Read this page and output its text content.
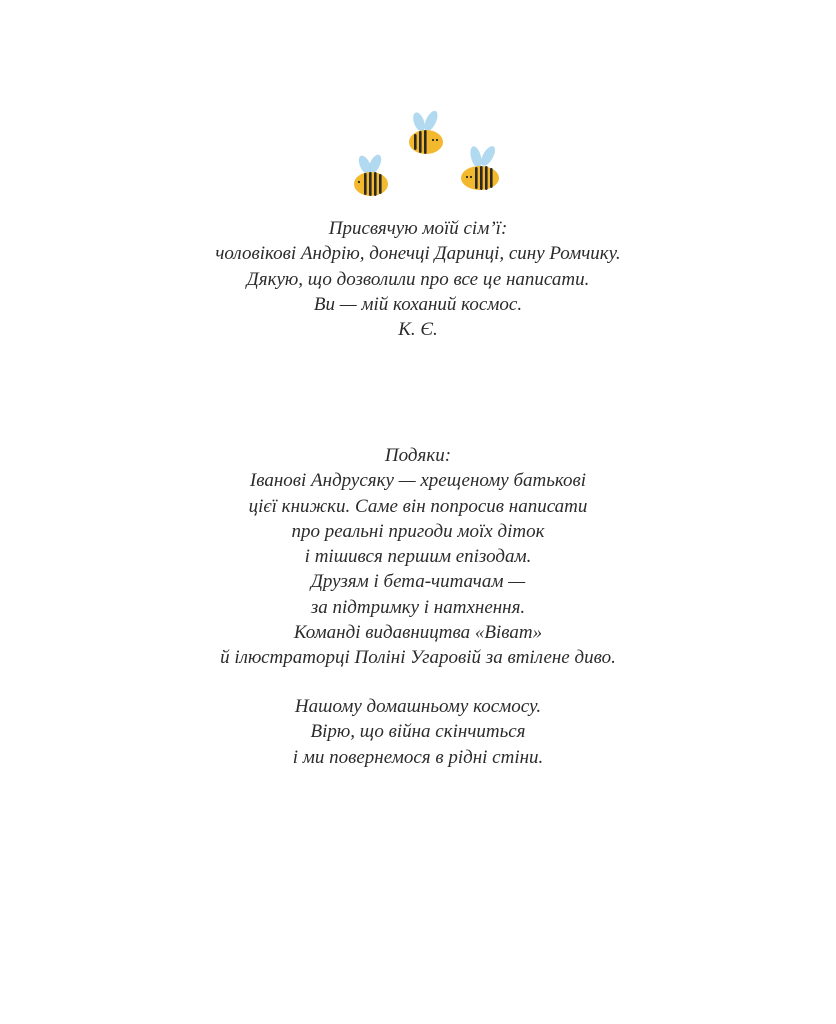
Присвячую моїй сім’ї:
чоловікові Андрію, донечці Даринці, сину Ромчику.
Дякую, що дозволили про все це написати.
Ви — мій коханий космос.
К. Є.
Подяки:
Іванові Андрусяку — хрещеному батькові
цієї книжки. Саме він попросив написати
про реальні пригоди моїх діток
і тішився першим епізодам.
Друзям і бета-читачам —
за підтримку і натхнення.
Команді видавництва «Віват»
й ілюстраторці Поліні Угаровій за втілене диво.
Нашому домашньому космосу.
Вірю, що війна скінчиться
і ми повернемося в рідні стіни.
